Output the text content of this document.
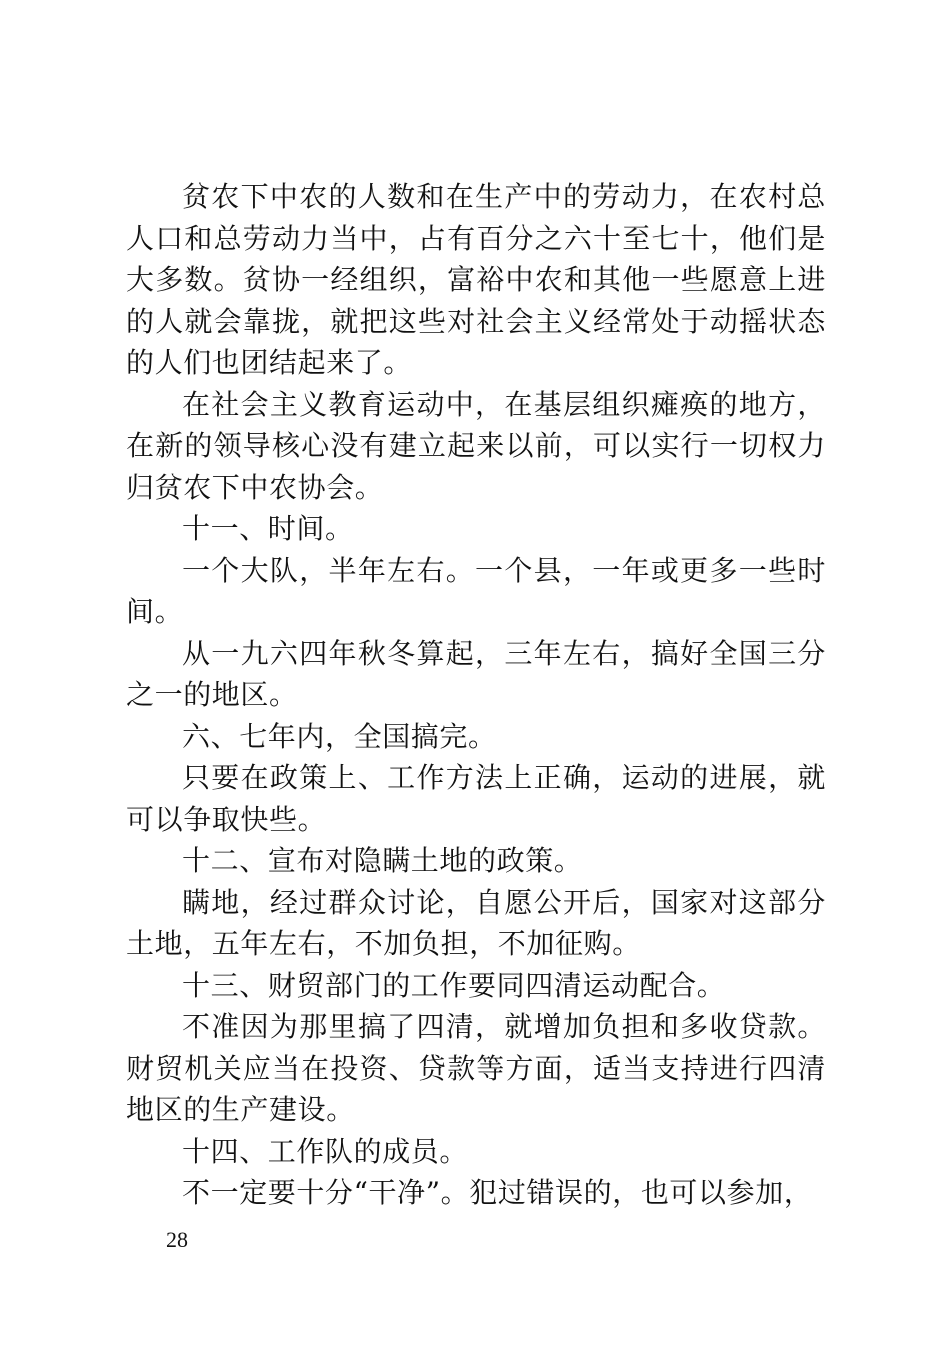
贫农下中农的人数和在生产中的劳动力，在农村总人口和总劳动力当中，占有百分之六十至七十，他们是大多数。贫协一经组织，富裕中农和其他一些愿意上进的人就会靠拢，就把这些对社会主义经常处于动摇状态的人们也团结起来了。

在社会主义教育运动中，在基层组织瘫痪的地方，在新的领导核心没有建立起来以前，可以实行一切权力归贫农下中农协会。

十一、时间。

一个大队，半年左右。一个县，一年或更多一些时间。

从一九六四年秋冬算起，三年左右，搞好全国三分之一的地区。

六、七年内，全国搞完。

只要在政策上、工作方法上正确，运动的进展，就可以争取快些。

十二、宣布对隐瞒土地的政策。

瞒地，经过群众讨论，自愿公开后，国家对这部分土地，五年左右，不加负担，不加征购。

十三、财贸部门的工作要同四清运动配合。

不准因为那里搞了四清，就增加负担和多收贷款。财贸机关应当在投资、贷款等方面，适当支持进行四清地区的生产建设。

十四、工作队的成员。

不一定要十分“干净”。犯过错误的，也可以参加，

28
